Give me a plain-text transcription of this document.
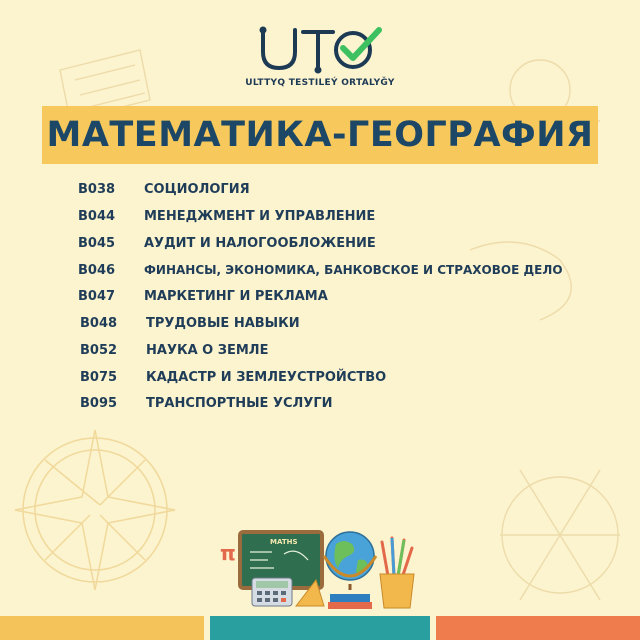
ULTTYQ TESTILEÝ ORTALYĞY
МАТЕМАТИКА-ГЕОГРАФИЯ
В038	СОЦИОЛОГИЯ
В044	МЕНЕДЖМЕНТ И УПРАВЛЕНИЕ
В045	АУДИТ И НАЛОГООБЛОЖЕНИЕ
В046	ФИНАНСЫ, ЭКОНОМИКА, БАНКОВСКОЕ И СТРАХОВОЕ ДЕЛО
В047	МАРКЕТИНГ И РЕКЛАМА
В048	ТРУДОВЫЕ НАВЫКИ
В052	НАУКА О ЗЕМЛЕ
В075	КАДАСТР И ЗЕМЛЕУСТРОЙСТВО
В095	ТРАНСПОРТНЫЕ УСЛУГИ
MATHS
π
